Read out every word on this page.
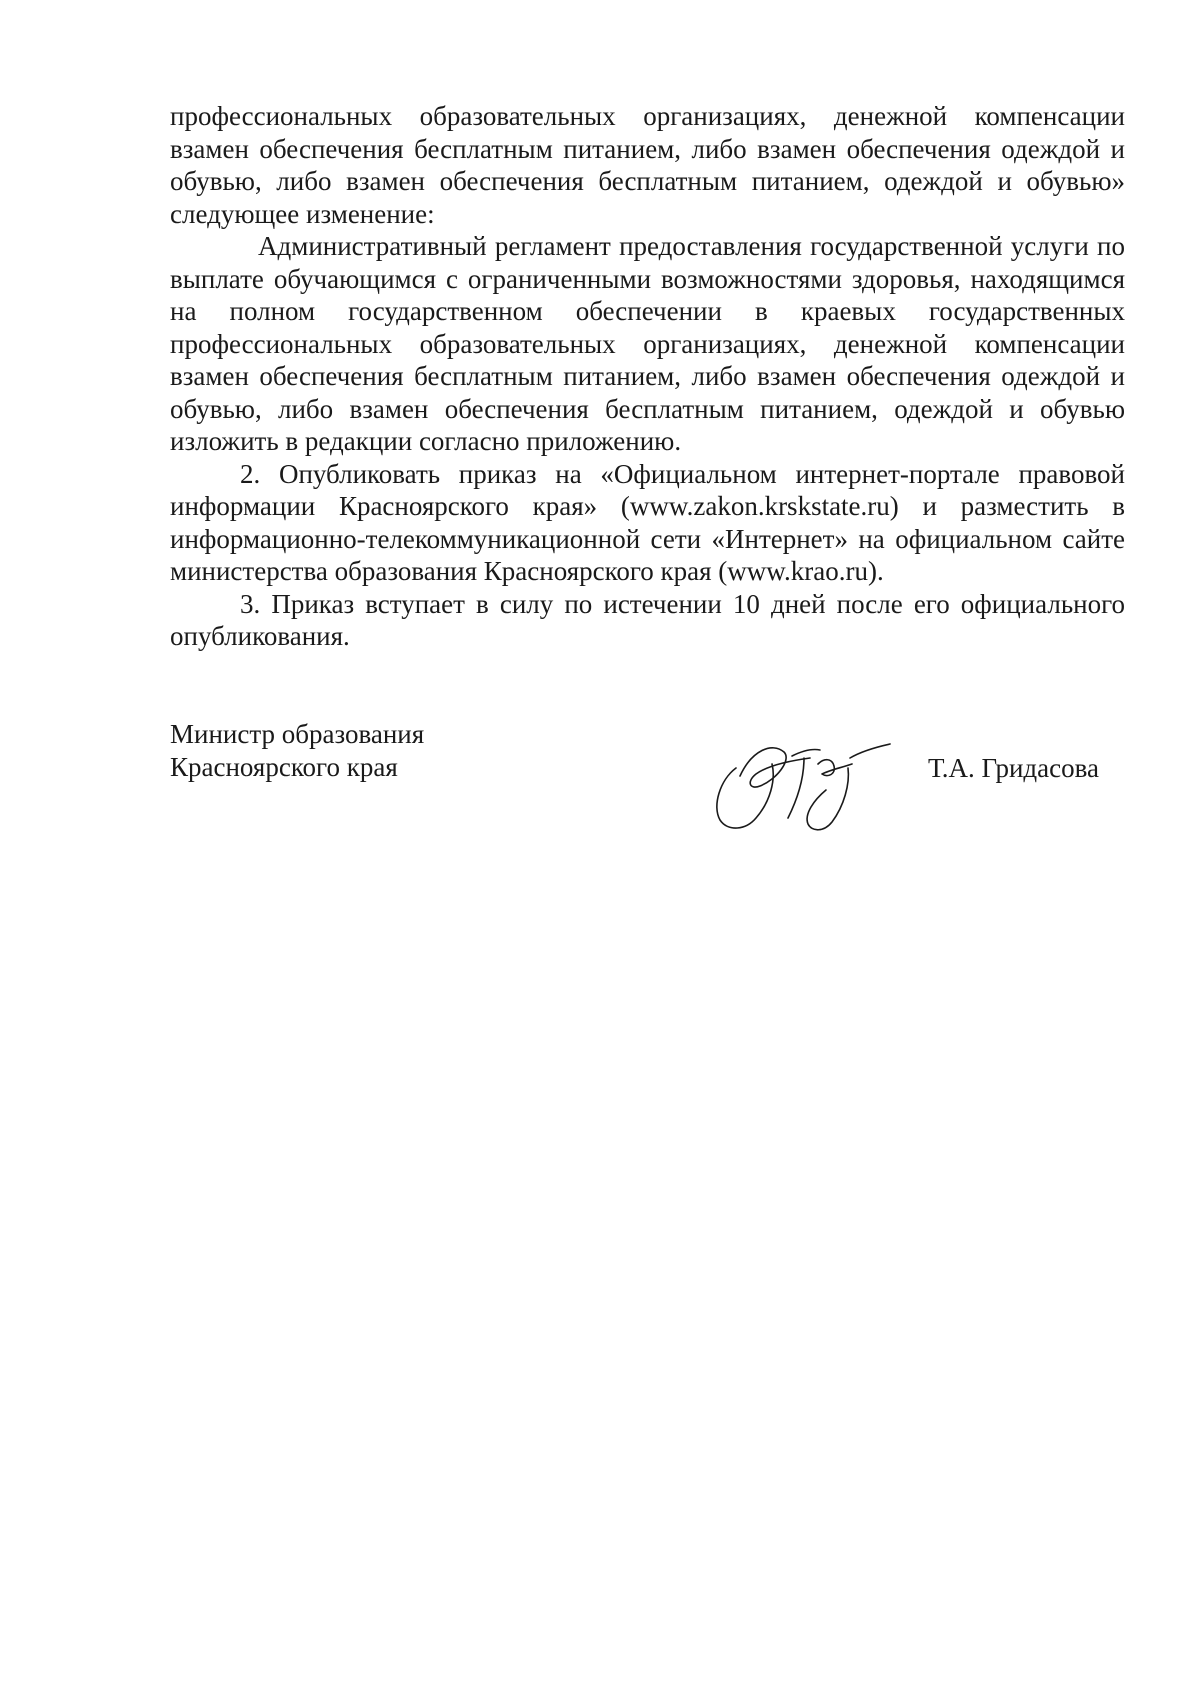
профессиональных образовательных организациях, денежной компенсации взамен обеспечения бесплатным питанием, либо взамен обеспечения одеждой и обувью, либо взамен обеспечения бесплатным питанием, одеждой и обувью» следующее изменение:

Административный регламент предоставления государственной услуги по выплате обучающимся с ограниченными возможностями здоровья, находящимся на полном государственном обеспечении в краевых государственных профессиональных образовательных организациях, денежной компенсации взамен обеспечения бесплатным питанием, либо взамен обеспечения одеждой и обувью, либо взамен обеспечения бесплатным питанием, одеждой и обувью изложить в редакции согласно приложению.

2. Опубликовать приказ на «Официальном интернет-портале правовой информации Красноярского края» (www.zakon.krskstate.ru) и разместить в информационно-телекоммуникационной сети «Интернет» на официальном сайте министерства образования Красноярского края (www.krao.ru).

3. Приказ вступает в силу по истечении 10 дней после его официального опубликования.

Министр образования
Красноярского края	Т.А. Гридасова
